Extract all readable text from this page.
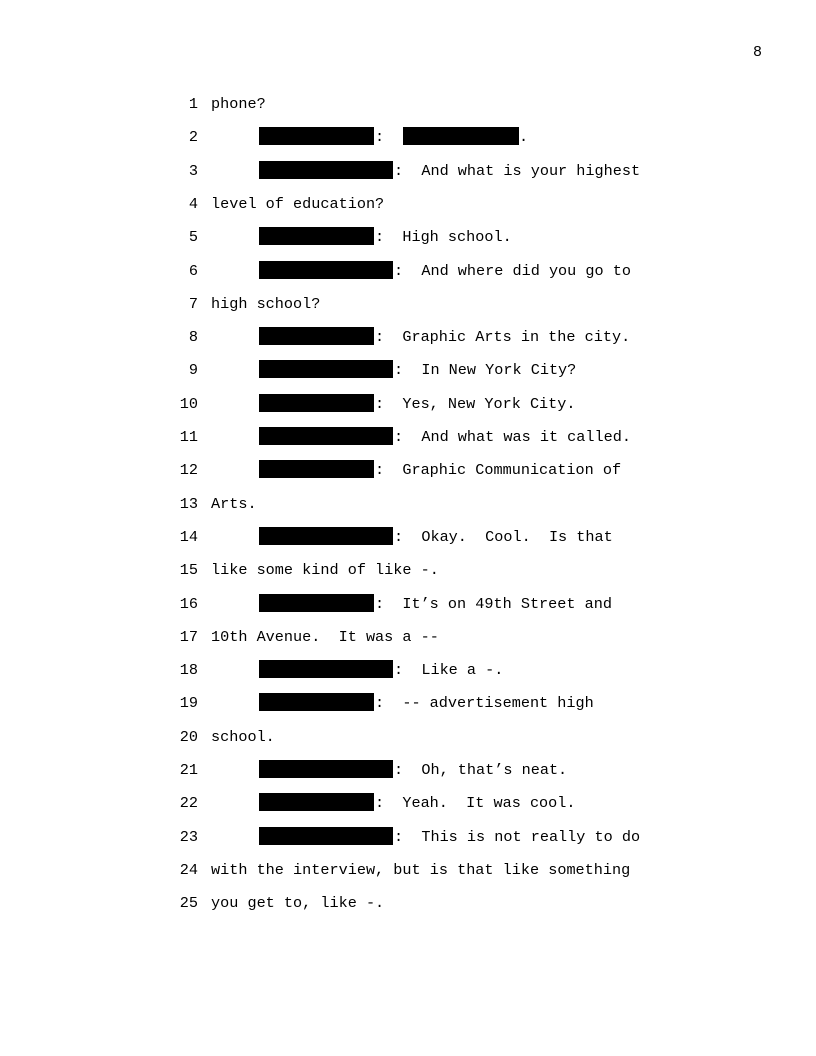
8
1 phone?
2	:	.
3	:  And what is your highest
4 level of education?
5	:  High school.
6	:  And where did you go to
7 high school?
8	:  Graphic Arts in the city.
9	:  In New York City?
10	:  Yes, New York City.
11	:  And what was it called.
12	:  Graphic Communication of
13 Arts.
14	:  Okay.  Cool.  Is that
15 like some kind of like -.
16	:  It’s on 49th Street and
17 10th Avenue.  It was a --
18	:  Like a -.
19	:  -- advertisement high
20 school.
21	:  Oh, that’s neat.
22	:  Yeah.  It was cool.
23	:  This is not really to do
24 with the interview, but is that like something
25 you get to, like -.
